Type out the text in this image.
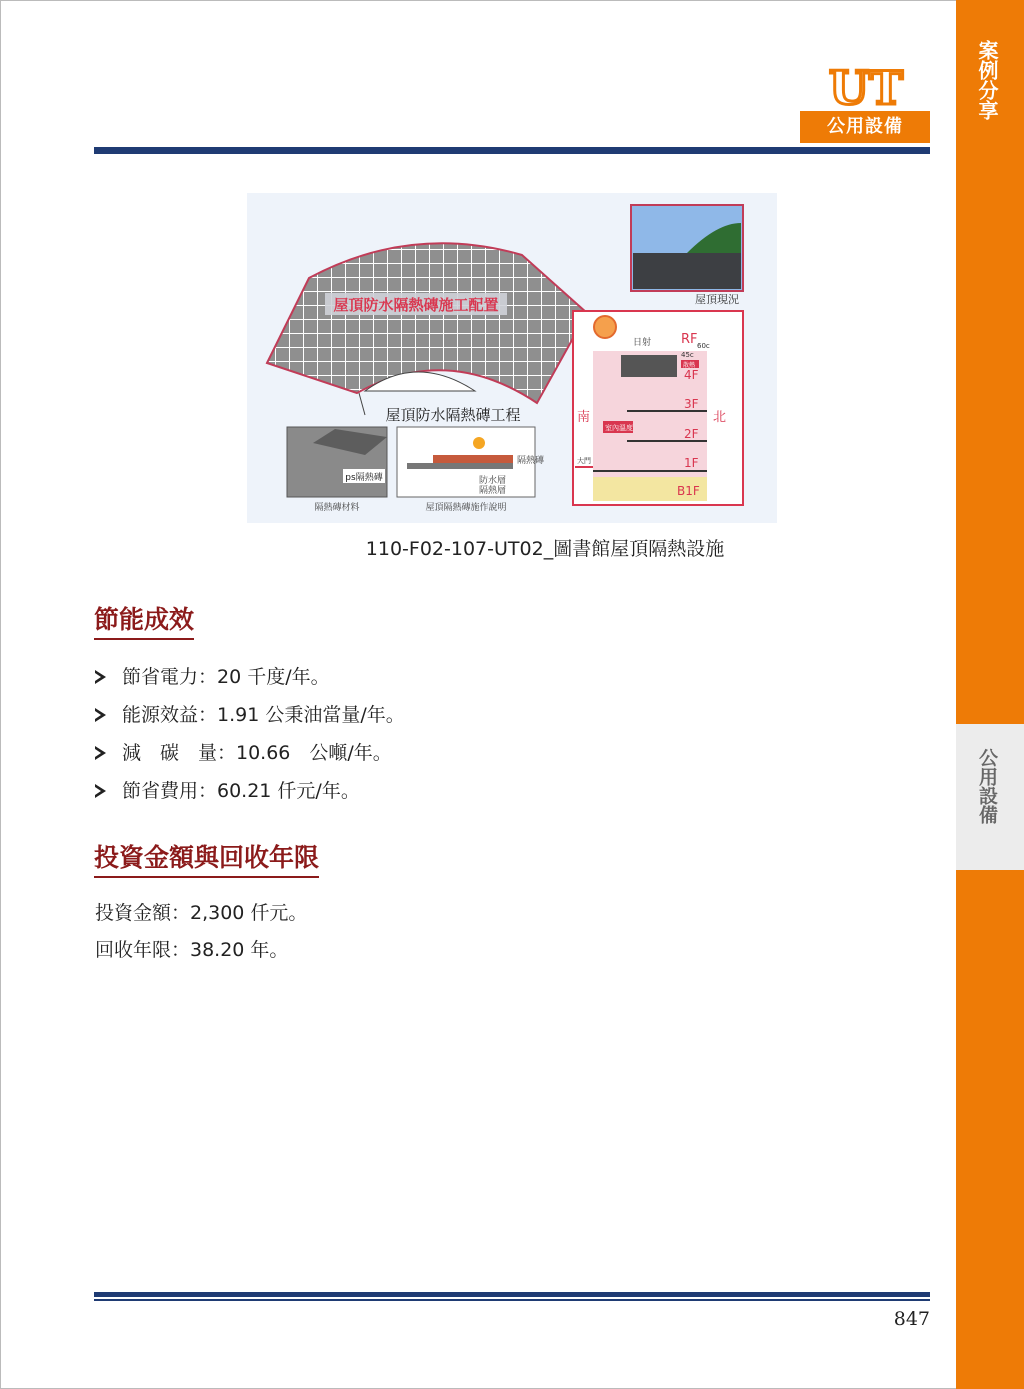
案例分享
公用設備
UT
公用設備
屋頂防水隔熱磚施工配置
屋頂防水隔熱磚工程
屋頂現況
ps隔熱磚
隔熱磚材料
隔熱磚
防水層
隔熱層
屋頂隔熱磚施作說明
日射 RF 60c
45c
散熱
4F
3F
2F
1F
B1F
南	北
室內溫度
大門
110-F02-107-UT02_圖書館屋頂隔熱設施
節能成效
節省電力：20 千度/年。
能源效益：1.91 公秉油當量/年。
減　碳　量：10.66　公噸/年。
節省費用：60.21 仟元/年。
投資金額與回收年限
投資金額：2,300 仟元。
回收年限：38.20 年。
847
